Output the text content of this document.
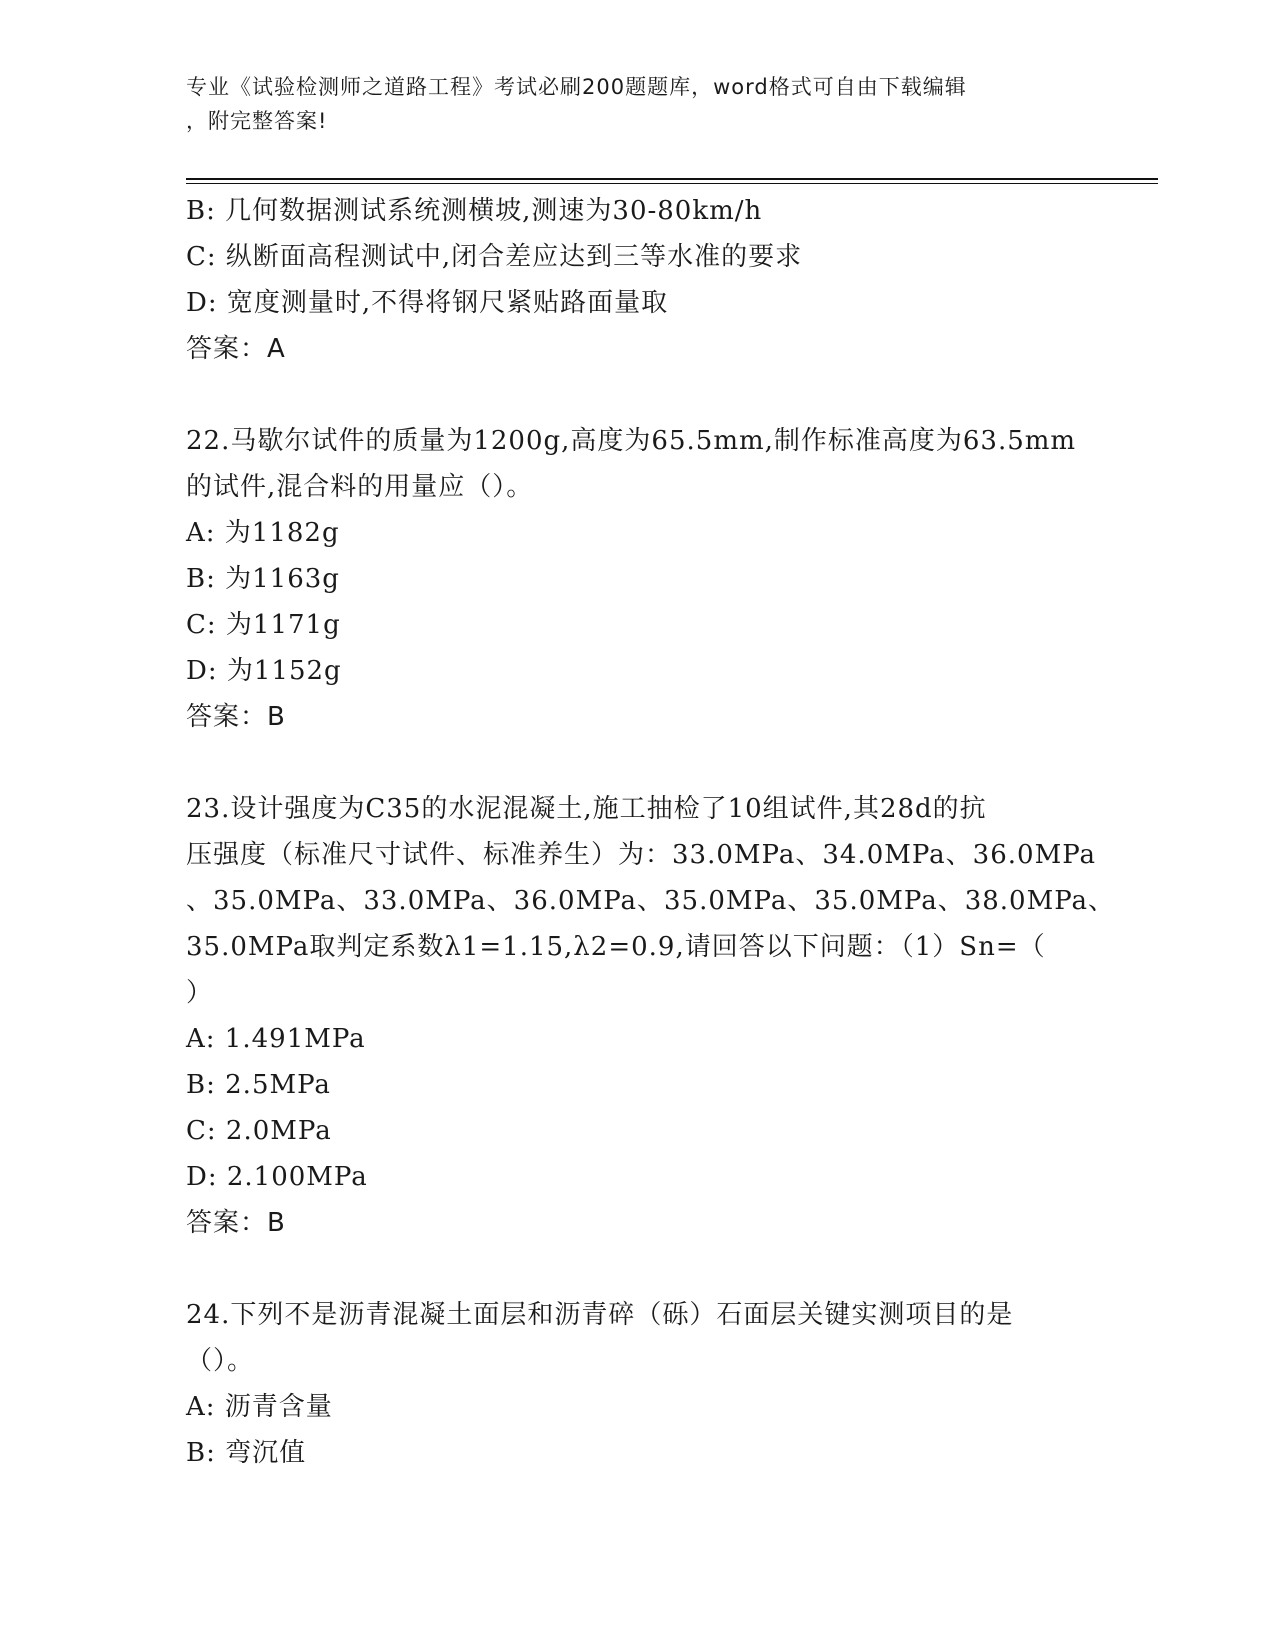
专业《试验检测师之道路工程》考试必刷200题题库，word格式可自由下载编辑
，附完整答案!
B: 几何数据测试系统测横坡,测速为30-80km/h
C: 纵断面高程测试中,闭合差应达到三等水准的要求
D: 宽度测量时,不得将钢尺紧贴路面量取
答案：A
22.马歇尔试件的质量为1200g,高度为65.5mm,制作标准高度为63.5mm
的试件,混合料的用量应（）。
A: 为1182g
B: 为1163g
C: 为1171g
D: 为1152g
答案：B
23.设计强度为C35的水泥混凝土,施工抽检了10组试件,其28d的抗
压强度（标准尺寸试件、标准养生）为：33.0MPa、34.0MPa、36.0MPa
、35.0MPa、33.0MPa、36.0MPa、35.0MPa、35.0MPa、38.0MPa、
35.0MPa取判定系数λ1=1.15,λ2=0.9,请回答以下问题：（1）Sn=（
）
A: 1.491MPa
B: 2.5MPa
C: 2.0MPa
D: 2.100MPa
答案：B
24.下列不是沥青混凝土面层和沥青碎（砾）石面层关键实测项目的是
（）。
A: 沥青含量
B: 弯沉值
